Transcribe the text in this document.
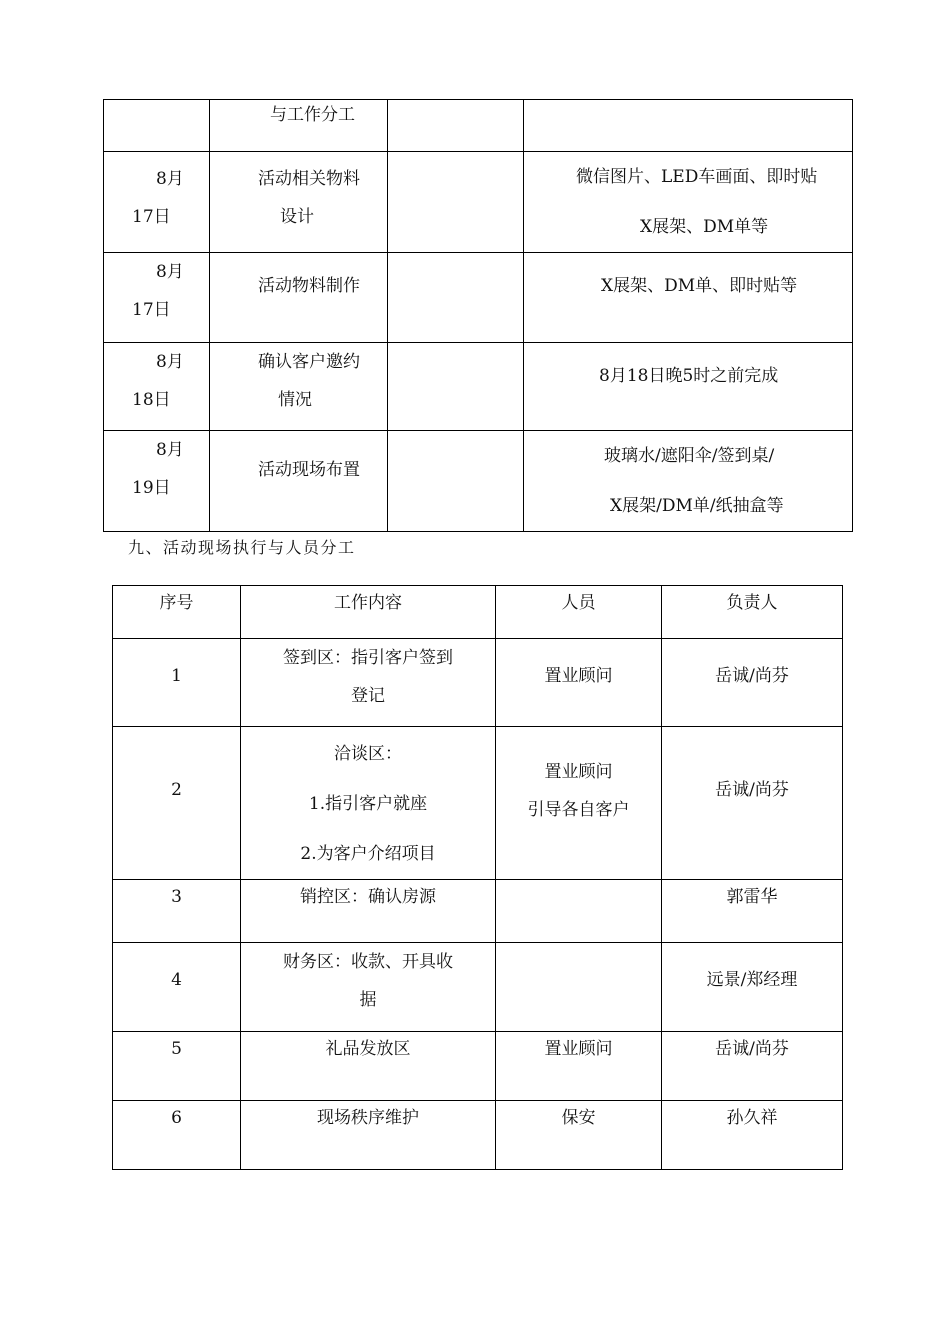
	与工作分工		

8月
17日	活动相关物料
设计		微信图片、LED车画面、即时贴
X展架、DM单等

8月
17日	活动物料制作		X展架、DM单、即时贴等

8月
18日	确认客户邀约
情况		8月18日晚5时之前完成

8月
19日	活动现场布置		玻璃水/遮阳伞/签到桌/
X展架/DM单/纸抽盒等
九、活动现场执行与人员分工
序号	工作内容	人员	负责人

1	签到区：指引客户签到
登记	置业顾问	岳诚/尚芬

2	洽谈区：
1.指引客户就座
2.为客户介绍项目	置业顾问
引导各自客户	岳诚/尚芬

3	销控区：确认房源		郭雷华

4	财务区：收款、开具收
据		远景/郑经理

5	礼品发放区	置业顾问	岳诚/尚芬

6	现场秩序维护	保安	孙久祥
